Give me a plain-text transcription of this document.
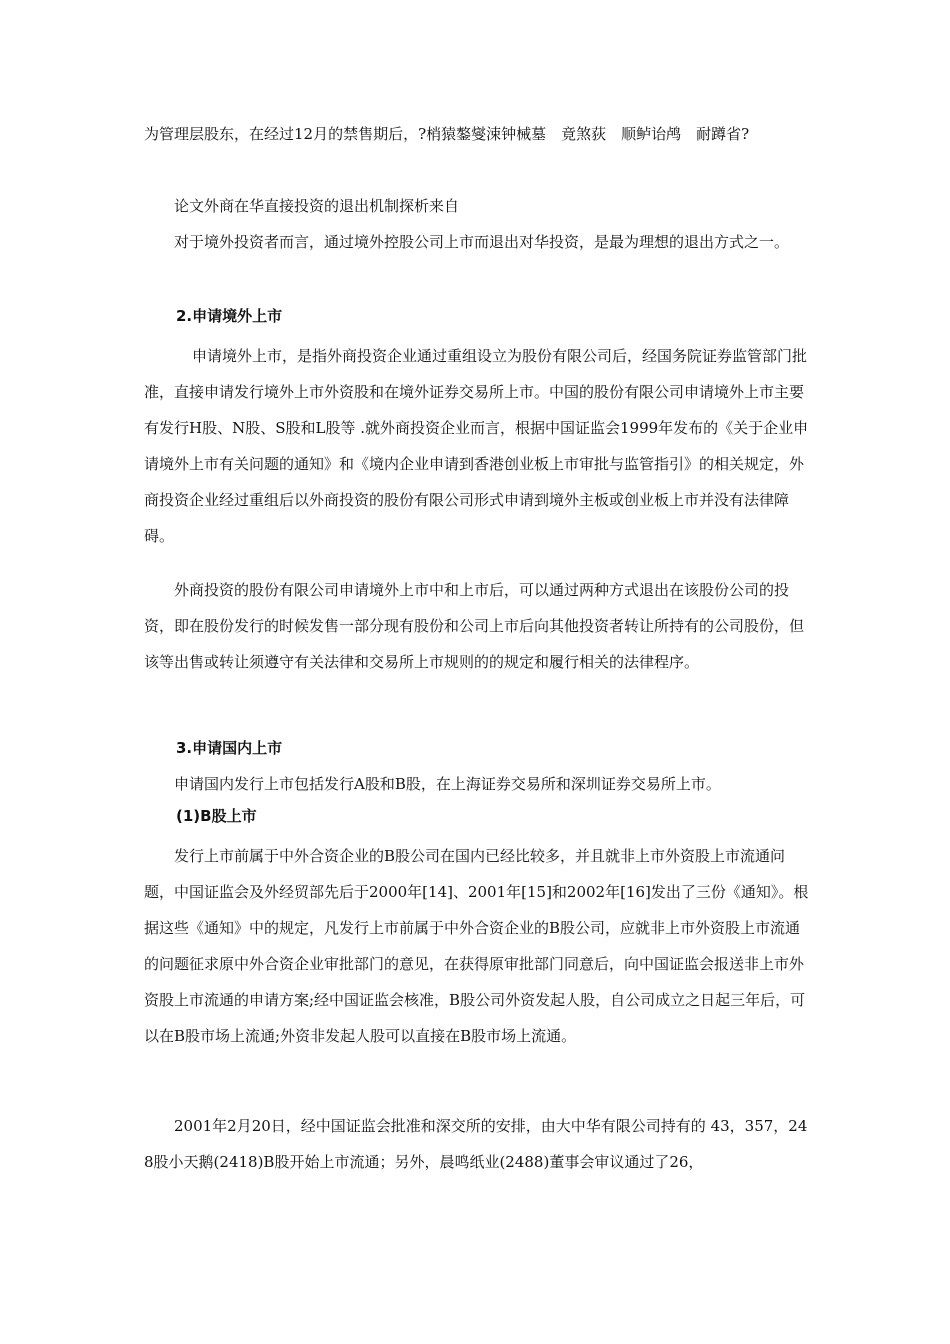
为管理层股东，在经过12月的禁售期后，?梢猿鏊燮涑钟械墓　竟煞荻　顺鲈诒鸬　耐蹲省?
论文外商在华直接投资的退出机制探析来自
对于境外投资者而言，通过境外控股公司上市而退出对华投资，是最为理想的退出方式之一。
2.申请境外上市
申请境外上市，是指外商投资企业通过重组设立为股份有限公司后，经国务院证券监管部门批准，直接申请发行境外上市外资股和在境外证券交易所上市。中国的股份有限公司申请境外上市主要有发行H股、N股、S股和L股等 .就外商投资企业而言，根据中国证监会1999年发布的《关于企业申请境外上市有关问题的通知》和《境内企业申请到香港创业板上市审批与监管指引》的相关规定，外商投资企业经过重组后以外商投资的股份有限公司形式申请到境外主板或创业板上市并没有法律障碍。
外商投资的股份有限公司申请境外上市中和上市后，可以通过两种方式退出在该股份公司的投资，即在股份发行的时候发售一部分现有股份和公司上市后向其他投资者转让所持有的公司股份，但该等出售或转让须遵守有关法律和交易所上市规则的的规定和履行相关的法律程序。
3.申请国内上市
申请国内发行上市包括发行A股和B股，在上海证券交易所和深圳证券交易所上市。
(1)B股上市
发行上市前属于中外合资企业的B股公司在国内已经比较多，并且就非上市外资股上市流通问题，中国证监会及外经贸部先后于2000年[14]、2001年[15]和2002年[16]发出了三份《通知》。根据这些《通知》中的规定，凡发行上市前属于中外合资企业的B股公司，应就非上市外资股上市流通的问题征求原中外合资企业审批部门的意见，在获得原审批部门同意后，向中国证监会报送非上市外资股上市流通的申请方案;经中国证监会核准，B股公司外资发起人股，自公司成立之日起三年后，可以在B股市场上流通;外资非发起人股可以直接在B股市场上流通。
2001年2月20日，经中国证监会批准和深交所的安排，由大中华有限公司持有的 43，357，248股小天鹅(2418)B股开始上市流通；另外，晨鸣纸业(2488)董事会审议通过了26，
